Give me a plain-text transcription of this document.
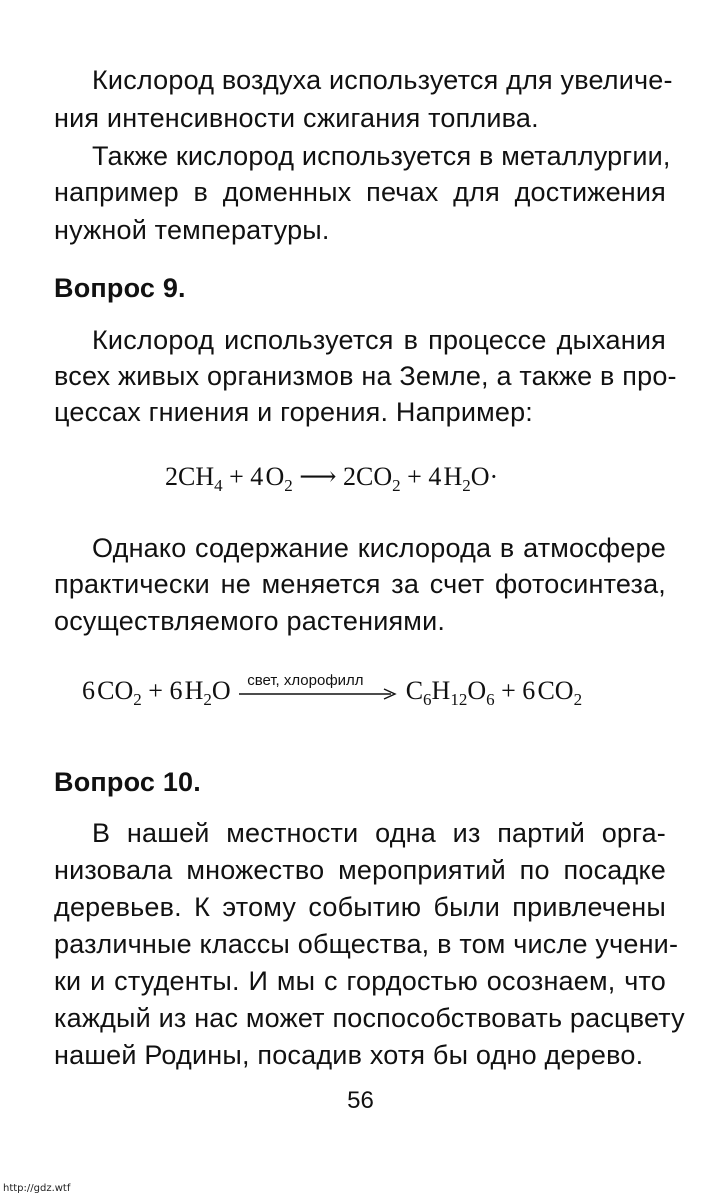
Кислород воздуха используется для увеличе-
ния интенсивности сжигания топлива.
Также кислород используется в металлургии,
например в доменных печах для достижения
нужной температуры.
Вопрос 9.
Кислород используется в процессе дыхания
всех живых организмов на Земле, а также в про-
цессах гниения и горения. Например:
$2CH_4 + 4$ $O_2$ ⟶ $2CO_2 + 4$ $H_2O\cdot$
Однако содержание кислорода в атмосфере
практически не меняется за счет фотосинтеза,
осуществляемого растениями.
6 $CO_2 + 6$ $H_2O$ свет, хлорофилл $C_6H_{12}O_6 + 6$ $CO_2$
Вопрос 10.
В нашей местности одна из партий орга-
низовала множество мероприятий по посадке
деревьев. К этому событию были привлечены
различные классы общества, в том числе учени-
ки и студенты. И мы с гордостью осознаем, что
каждый из нас может поспособствовать расцвету
нашей Родины, посадив хотя бы одно дерево.
56
http://gdz.wtf
